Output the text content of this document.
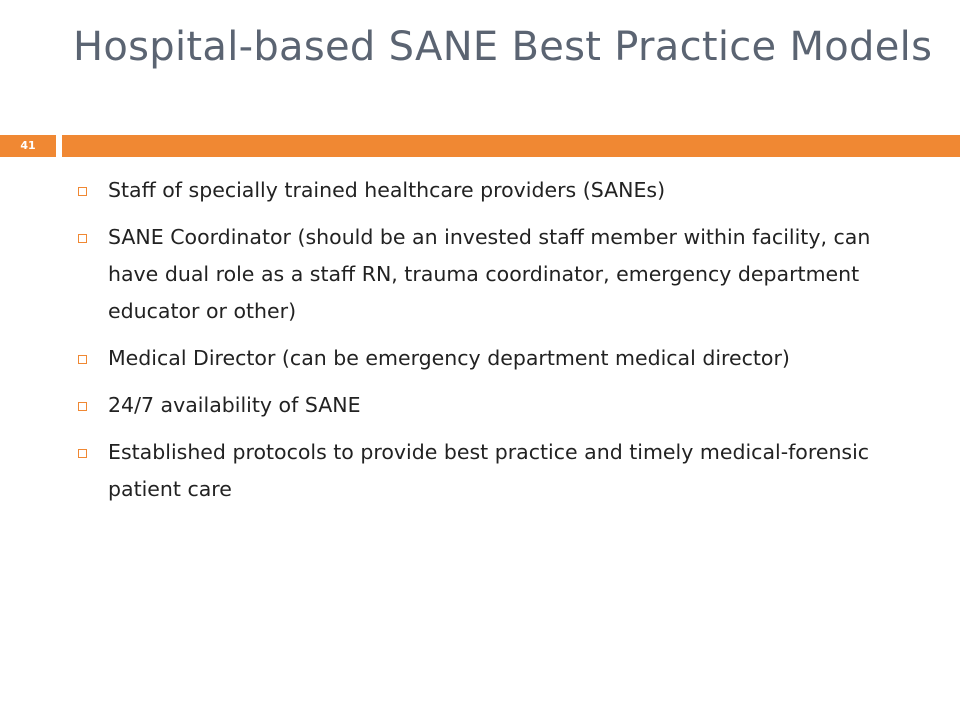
Hospital-based SANE Best Practice Models
41
Staff of specially trained healthcare providers (SANEs)
SANE Coordinator (should be an invested staff member within facility, can have dual role as a staff RN, trauma coordinator, emergency department educator or other)
Medical Director (can be emergency department medical director)
24/7 availability of SANE
Established protocols to provide best practice and timely medical-forensic patient care
